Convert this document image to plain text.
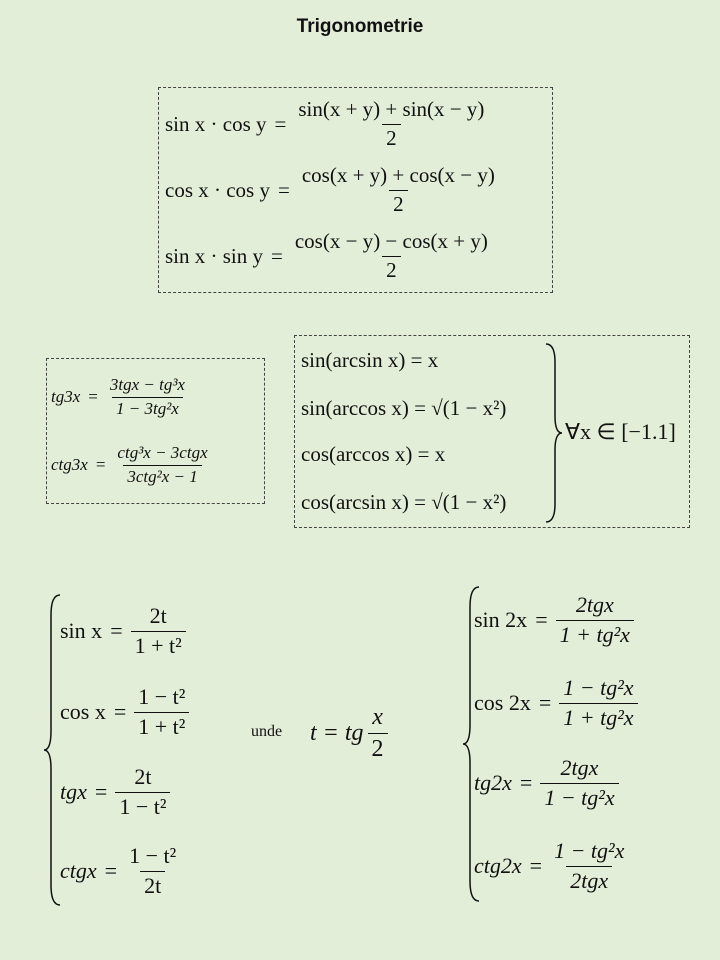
Trigonometrie
$\sin x \cdot \cos y = \frac{\sin(x + y) + \sin(x - y)}{2}$
$\cos x \cdot \cos y = \frac{\cos(x + y) + \cos(x - y)}{2}$
$\sin x \cdot \sin y = \frac{\cos(x - y) - \cos(x + y)}{2}$
$tg3x = \frac{\text{3tgx − tg³x}}{\text{1 − 3tg²x}}$
$ctg3x = \frac{\text{ctg³x − 3ctgx}}{\text{3ctg²x − 1}}$
sin(arcsin x) = x
sin(arccos x) = √(1 − x²)
cos(arccos x) = x
cos(arcsin x) = √(1 − x²)
∀x ∈ [−1.1]
$\sin x = \frac{2t}{\text{1 + t²}}$
$\cos x = \frac{\text{1 − t²}}{\text{1 + t²}}$
tgx = $\frac{2t}{\text{1 − t²}}$
ctgx = $\frac{\text{1 − t²}}{2t}$
unde t = tg $\frac{x}{2}$
$\sin 2x = \frac{\text{2tgx}}{\text{1 + tg²x}}$
$\cos 2x = \frac{\text{1 − tg²x}}{\text{1 + tg²x}}$
$tg2x = \frac{\text{2tgx}}{\text{1 − tg²x}}$
$ctg2x = \frac{\text{1 − tg²x}}{\text{2tgx}}$
